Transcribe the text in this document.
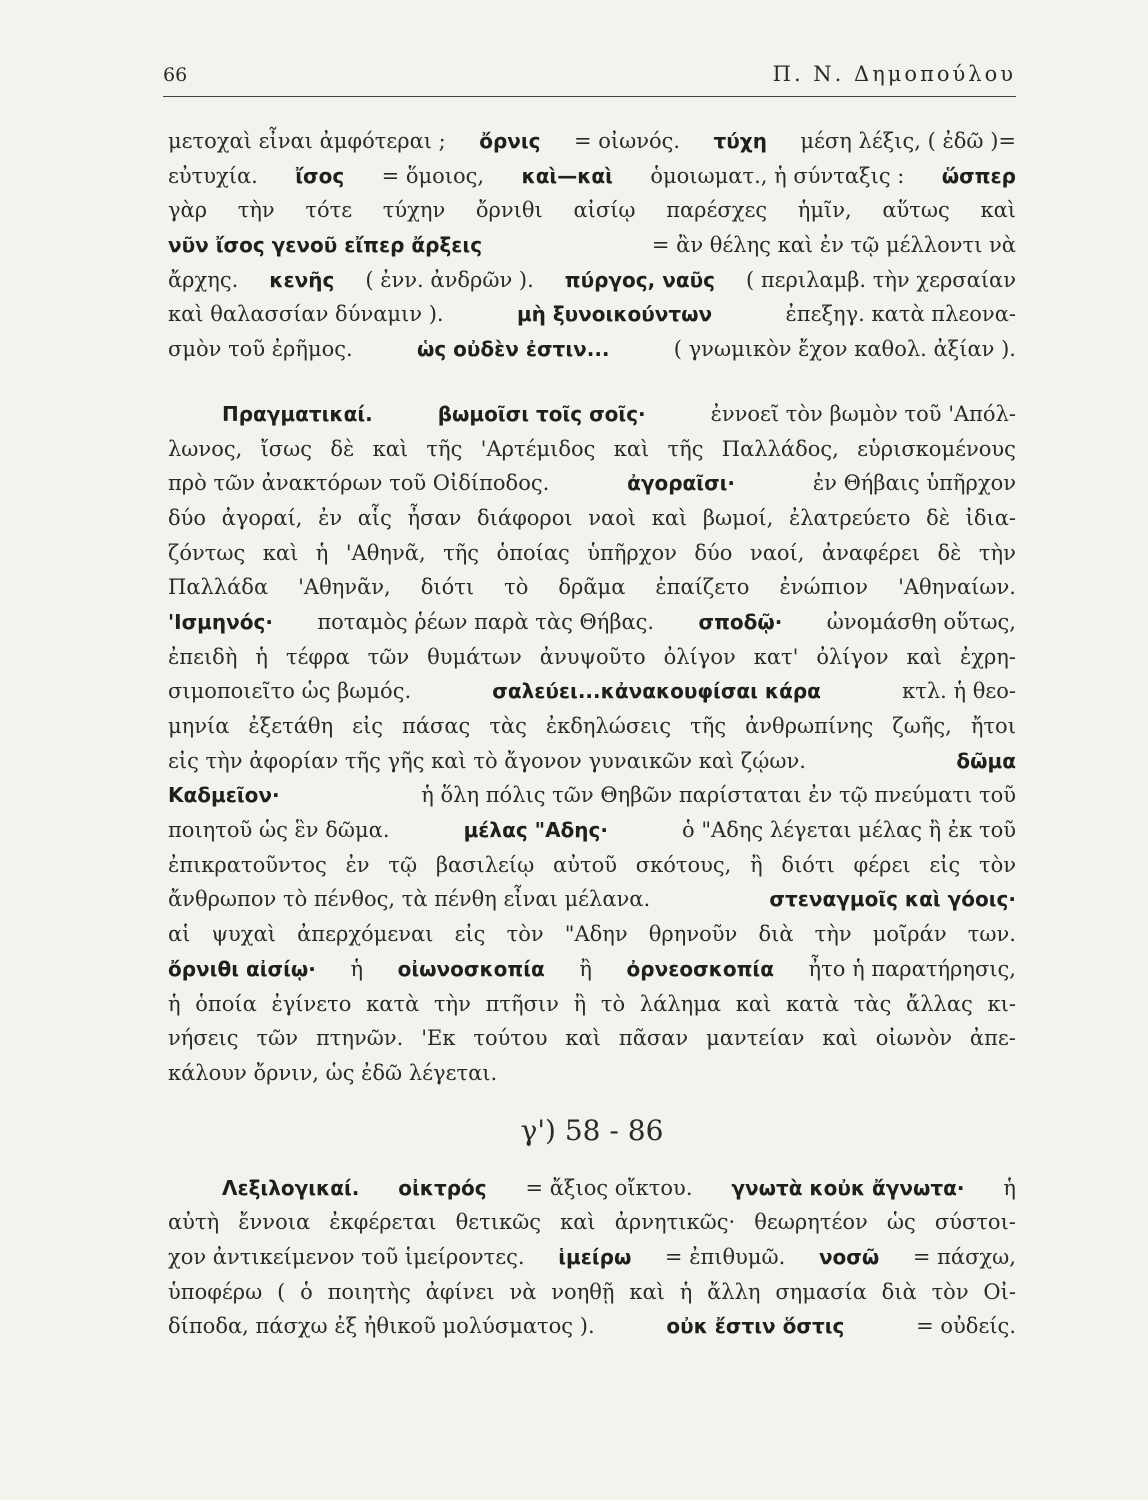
66	Π. Ν. Δημοπούλου
μετοχαὶ εἶναι ἀμφότεραι ; ὄρνις = οἰωνός. τύχη μέση λέξις, ( ἐδῶ )=
εὐτυχία. ἴσος = ὅμοιος, καὶ—καὶ ὁμοιωματ., ἡ σύνταξις : ὥσπερ
γὰρ τὴν τότε τύχην ὄρνιθι αἰσίῳ παρέσχες ἡμῖν, αὕτως καὶ
νῦν ἴσος γενοῦ εἴπερ ἄρξεις	= ἂν θέλης καὶ ἐν τῷ μέλλοντι νὰ
ἄρχης. κενῆς ( ἐνν. ἀνδρῶν ). πύργος, ναῦς ( περιλαμβ. τὴν χερσαίαν
καὶ θαλασσίαν δύναμιν ).	μὴ ξυνοικούντων	ἐπεξηγ. κατὰ πλεονα-
σμὸν τοῦ ἐρῆμος.	ὡς οὐδὲν ἐστιν...	( γνωμικὸν ἔχον καθολ. ἀξίαν ).
Πραγματικαί.	βωμοῖσι τοῖς σοῖς·	ἐννοεῖ τὸν βωμὸν τοῦ 'Απόλ-
λωνος, ἴσως δὲ καὶ τῆς 'Αρτέμιδος καὶ τῆς Παλλάδος, εὑρισκομένους
πρὸ τῶν ἀνακτόρων τοῦ Οἰδίποδος.	ἀγοραῖσι·	ἐν Θήβαις ὑπῆρχον
δύο ἀγοραί, ἐν αἷς ἦσαν διάφοροι ναοὶ καὶ βωμοί, ἐλατρεύετο δὲ ἰδια-
ζόντως καὶ ἡ 'Αθηνᾶ, τῆς ὁποίας ὑπῆρχον δύο ναοί, ἀναφέρει δὲ τὴν
Παλλάδα 'Αθηνᾶν, διότι τὸ δρᾶμα ἐπαίζετο ἐνώπιον 'Αθηναίων.
'Ισμηνός· ποταμὸς ῥέων παρὰ τὰς Θήβας. σποδῷ· ὠνομάσθη οὕτως,
ἐπειδὴ ἡ τέφρα τῶν θυμάτων ἀνυψοῦτο ὀλίγον κατ' ὀλίγον καὶ ἐχρη-
σιμοποιεῖτο ὡς βωμός.	σαλεύει...κἀνακουφίσαι κάρα	κτλ. ἡ θεο-
μηνία ἐξετάθη εἰς πάσας τὰς ἐκδηλώσεις τῆς ἀνθρωπίνης ζωῆς, ἤτοι
εἰς τὴν ἀφορίαν τῆς γῆς καὶ τὸ ἄγονον γυναικῶν καὶ ζῴων.	δῶμα
Καδμεῖον·	ἡ ὅλη πόλις τῶν Θηβῶν παρίσταται ἐν τῷ πνεύματι τοῦ
ποιητοῦ ὡς ἓν δῶμα.	μέλας "Αδης·	ὁ "Αδης λέγεται μέλας ἢ ἐκ τοῦ
ἐπικρατοῦντος ἐν τῷ βασιλείῳ αὐτοῦ σκότους, ἢ διότι φέρει εἰς τὸν
ἄνθρωπον τὸ πένθος, τὰ πένθη εἶναι μέλανα.	στεναγμοῖς καὶ γόοις·
αἱ ψυχαὶ ἀπερχόμεναι εἰς τὸν "Αδην θρηνοῦν διὰ τὴν μοῖράν των.
ὄρνιθι αἰσίῳ· ἡ οἰωνοσκοπία ἢ ὀρνεοσκοπία ἦτο ἡ παρατήρησις,
ἡ ὁποία ἐγίνετο κατὰ τὴν πτῆσιν ἢ τὸ λάλημα καὶ κατὰ τὰς ἄλλας κι-
νήσεις τῶν πτηνῶν. 'Εκ τούτου καὶ πᾶσαν μαντείαν καὶ οἰωνὸν ἀπε-
κάλουν ὄρνιν, ὡς ἐδῶ λέγεται.
γ') 58 - 86
Λεξιλογικαί. οἰκτρός = ἄξιος οἴκτου. γνωτὰ κοὐκ ἄγνωτα· ἡ
αὐτὴ ἔννοια ἐκφέρεται θετικῶς καὶ ἀρνητικῶς· θεωρητέον ὡς σύστοι-
χον ἀντικείμενον τοῦ ἱμείροντες. ἱμείρω = ἐπιθυμῶ. νοσῶ = πάσχω,
ὑποφέρω ( ὁ ποιητὴς ἀφίνει νὰ νοηθῇ καὶ ἡ ἄλλη σημασία διὰ τὸν Οἰ-
δίποδα, πάσχω ἐξ ἠθικοῦ μολύσματος ).	οὐκ ἔστιν ὅστις	= οὐδείς.
